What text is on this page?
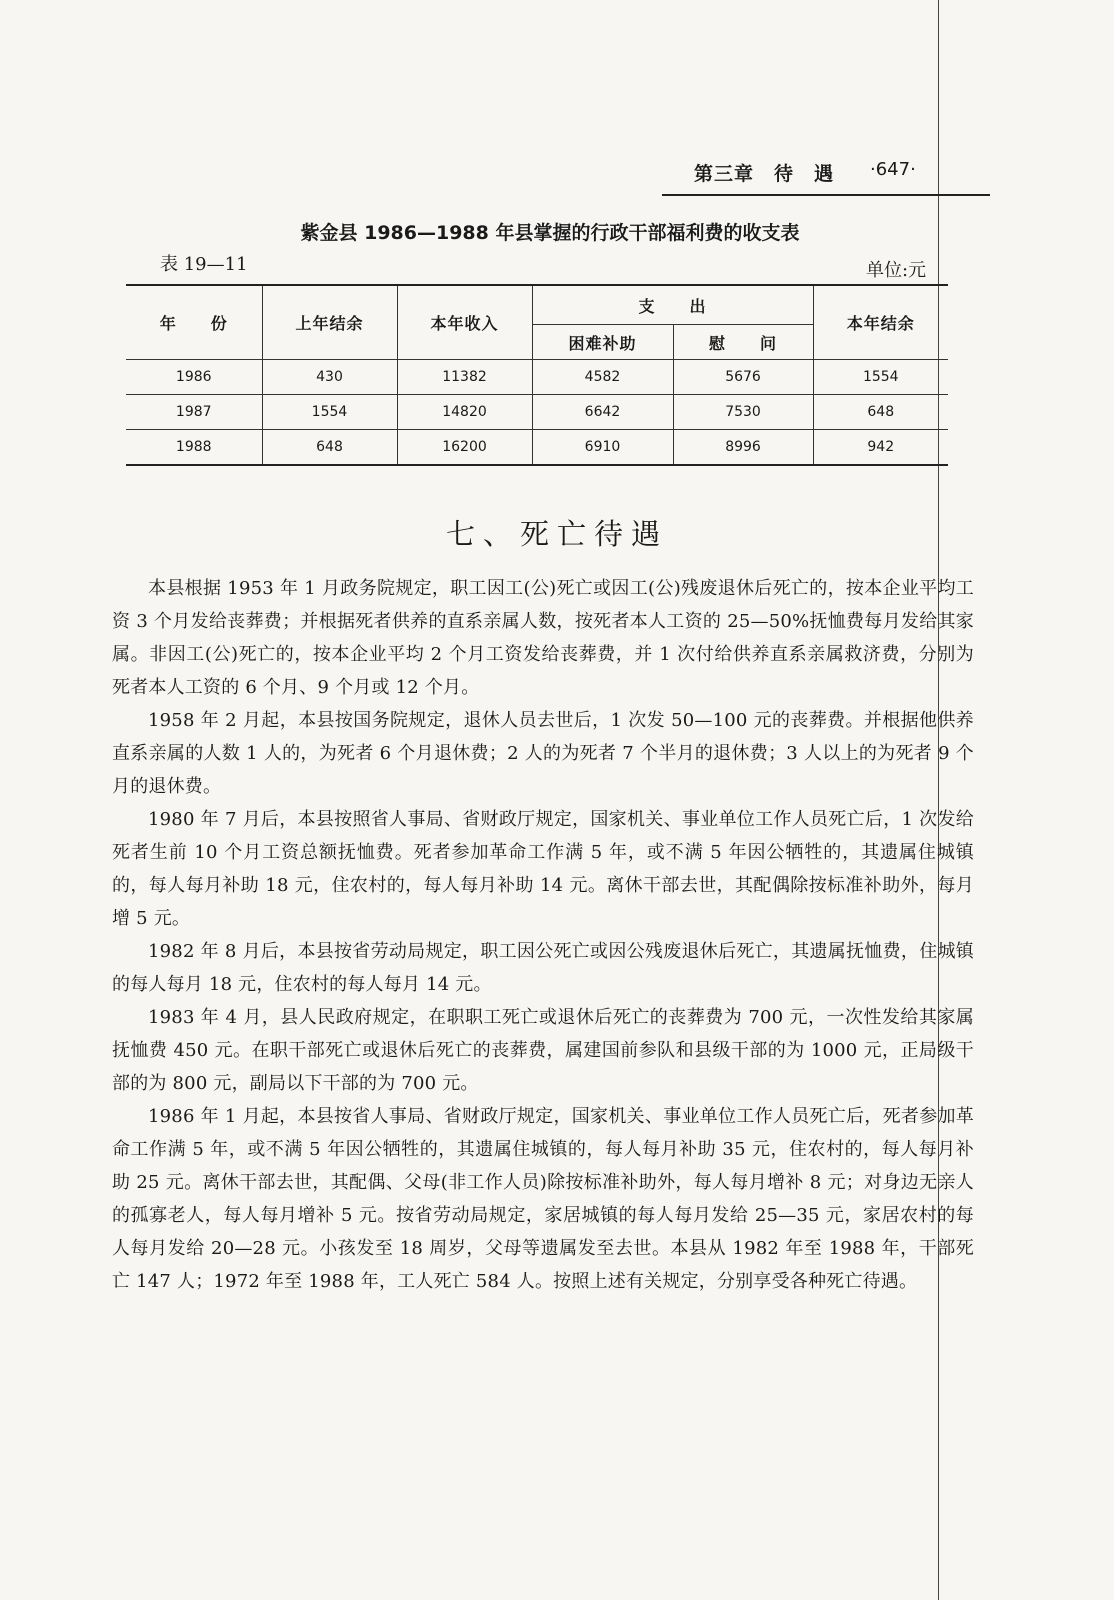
第三章　待　遇 ·647·
紫金县 1986—1988 年县掌握的行政干部福利费的收支表
表 19—11	单位:元
年　　份	上年结余	本年收入	支　　出		本年结余
			困难补助	慰　　问	
1986	430	11382	4582	5676	1554
1987	1554	14820	6642	7530	648
1988	648	16200	6910	8996	942
七、死亡待遇

本县根据 1953 年 1 月政务院规定，职工因工(公)死亡或因工(公)残废退休后死亡的，按本企业平均工资 3 个月发给丧葬费；并根据死者供养的直系亲属人数，按死者本人工资的 25—50%抚恤费每月发给其家属。非因工(公)死亡的，按本企业平均 2 个月工资发给丧葬费，并 1 次付给供养直系亲属救济费，分别为死者本人工资的 6 个月、9 个月或 12 个月。

1958 年 2 月起，本县按国务院规定，退休人员去世后，1 次发 50—100 元的丧葬费。并根据他供养直系亲属的人数 1 人的，为死者 6 个月退休费；2 人的为死者 7 个半月的退休费；3 人以上的为死者 9 个月的退休费。

1980 年 7 月后，本县按照省人事局、省财政厅规定，国家机关、事业单位工作人员死亡后，1 次发给死者生前 10 个月工资总额抚恤费。死者参加革命工作满 5 年，或不满 5 年因公牺牲的，其遗属住城镇的，每人每月补助 18 元，住农村的，每人每月补助 14 元。离休干部去世，其配偶除按标准补助外，每月增 5 元。

1982 年 8 月后，本县按省劳动局规定，职工因公死亡或因公残废退休后死亡，其遗属抚恤费，住城镇的每人每月 18 元，住农村的每人每月 14 元。

1983 年 4 月，县人民政府规定，在职职工死亡或退休后死亡的丧葬费为 700 元，一次性发给其家属抚恤费 450 元。在职干部死亡或退休后死亡的丧葬费，属建国前参队和县级干部的为 1000 元，正局级干部的为 800 元，副局以下干部的为 700 元。

1986 年 1 月起，本县按省人事局、省财政厅规定，国家机关、事业单位工作人员死亡后，死者参加革命工作满 5 年，或不满 5 年因公牺牲的，其遗属住城镇的，每人每月补助 35 元，住农村的，每人每月补助 25 元。离休干部去世，其配偶、父母(非工作人员)除按标准补助外，每人每月增补 8 元；对身边无亲人的孤寡老人，每人每月增补 5 元。按省劳动局规定，家居城镇的每人每月发给 25—35 元，家居农村的每人每月发给 20—28 元。小孩发至 18 周岁，父母等遗属发至去世。本县从 1982 年至 1988 年，干部死亡 147 人；1972 年至 1988 年，工人死亡 584 人。按照上述有关规定，分别享受各种死亡待遇。
